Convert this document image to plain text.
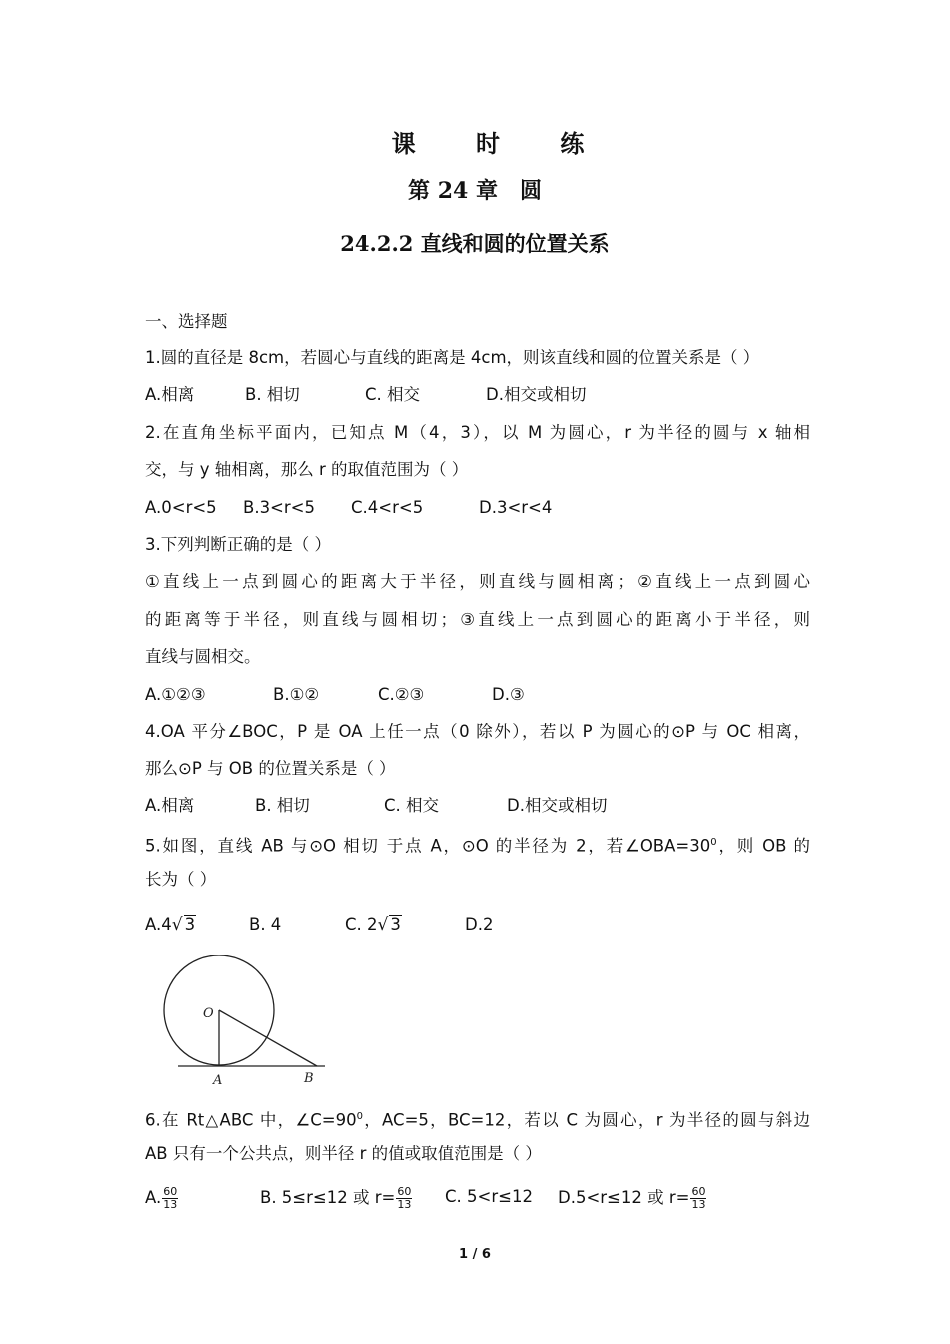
课 时 练
第 24 章　圆
24.2.2 直线和圆的位置关系
一、选择题
1.圆的直径是 8cm，若圆心与直线的距离是 4cm，则该直线和圆的位置关系是（ ）
A.相离	B. 相切	C. 相交	D.相交或相切
2.在直角坐标平面内，已知点 M（4，3），以 M 为圆心，r 为半径的圆与 x 轴相
交，与 y 轴相离，那么 r 的取值范围为（ ）
A.0<r<5 B.3<r<5 C.4<r<5	D.3<r<4
3.下列判断正确的是（ ）
①直线上一点到圆心的距离大于半径，则直线与圆相离；②直线上一点到圆心
的距离等于半径，则直线与圆相切；③直线上一点到圆心的距离小于半径，则
直线与圆相交。
A.①②③	B.①②	C.②③	D.③
4.OA 平分∠BOC，P 是 OA 上任一点（0 除外），若以 P 为圆心的⊙P 与 OC 相离，
那么⊙P 与 OB 的位置关系是（ ）
A.相离	B. 相切	C. 相交	D.相交或相切
5.如图，直线 AB 与⊙O 相切 于点 A，⊙O 的半径为 2，若$\angle OBA=30^0$，则 OB 的
长为（ ）
A.4√ 3	B. 4	C. 2√ 3	D.2
O
A	B
6.在 Rt△ABC 中，$\angle C=90^0$，AC=5，BC=12，若以 C 为圆心，r 为半径的圆与斜边
AB 只有一个公共点，则半径 r 的值或取值范围是（ ）
A. $\frac{60}{13}$	B. 5≤r≤12 或 $r= \frac{60}{13} C$. 5<r≤12 D.5<r≤12 或 $r= \frac{60}{13}$
1 / 6
